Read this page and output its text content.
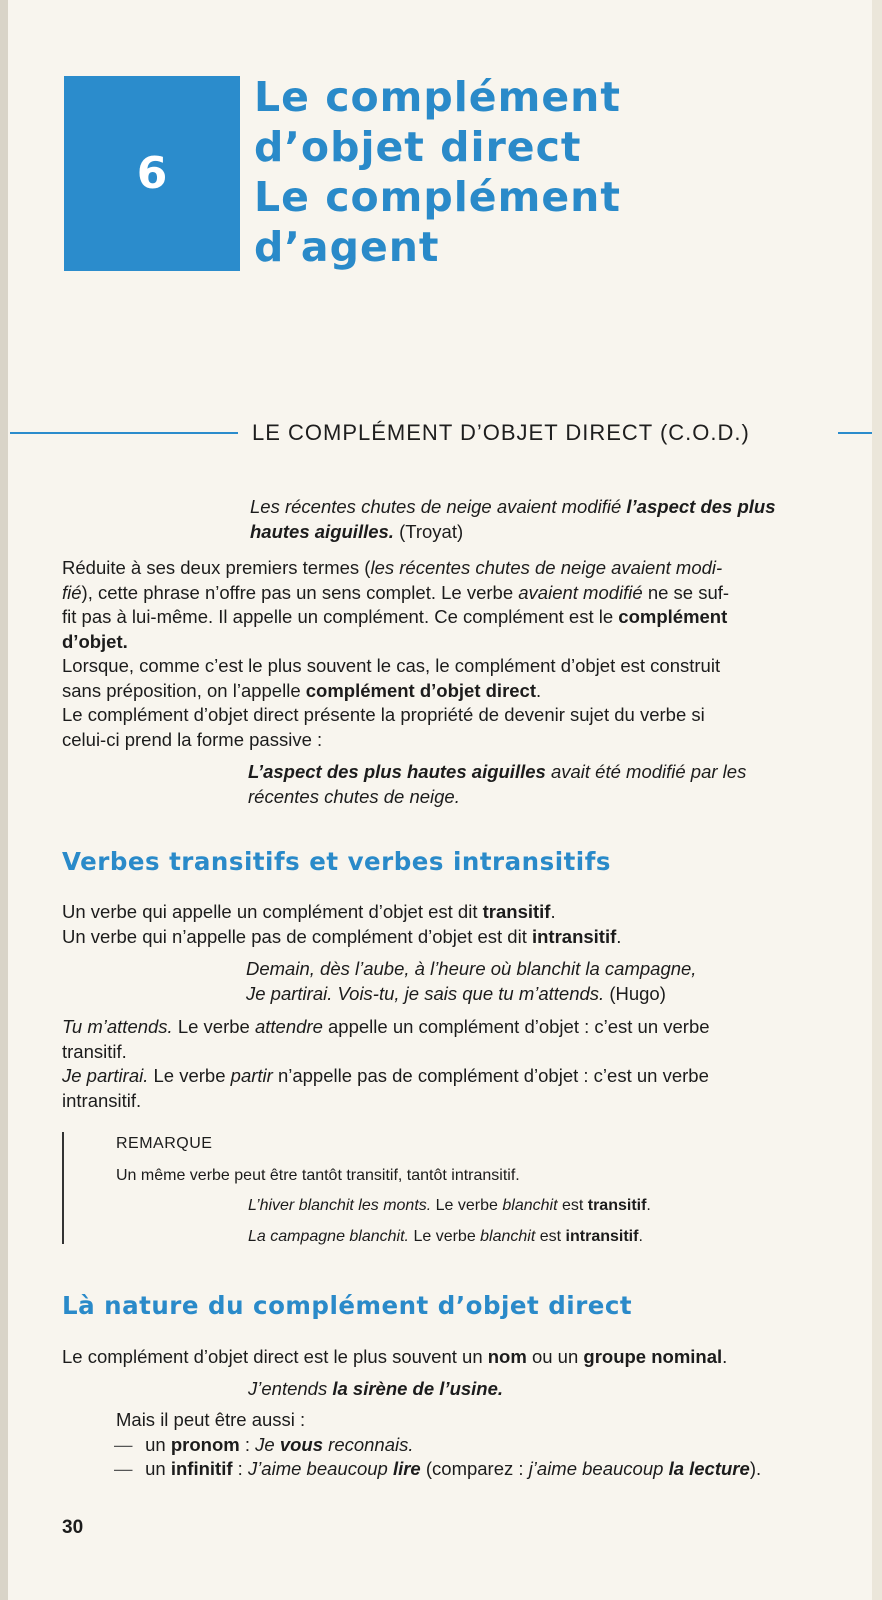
6
Le complément
d’objet direct
Le complément
d’agent
LE COMPLÉMENT D’OBJET DIRECT (C.O.D.)
Les récentes chutes de neige avaient modifié l’aspect des plus
hautes aiguilles. (Troyat)
Réduite à ses deux premiers termes (les récentes chutes de neige avaient modi-
fié), cette phrase n’offre pas un sens complet. Le verbe avaient modifié ne se suf-
fit pas à lui-même. Il appelle un complément. Ce complément est le complément
d’objet.
Lorsque, comme c’est le plus souvent le cas, le complément d’objet est construit
sans préposition, on l’appelle complément d’objet direct.
Le complément d’objet direct présente la propriété de devenir sujet du verbe si
celui-ci prend la forme passive :
L’aspect des plus hautes aiguilles avait été modifié par les
récentes chutes de neige.
Verbes transitifs et verbes intransitifs
Un verbe qui appelle un complément d’objet est dit transitif.
Un verbe qui n’appelle pas de complément d’objet est dit intransitif.
Demain, dès l’aube, à l’heure où blanchit la campagne,
Je partirai. Vois-tu, je sais que tu m’attends. (Hugo)
Tu m’attends. Le verbe attendre appelle un complément d’objet : c’est un verbe
transitif.
Je partirai. Le verbe partir n’appelle pas de complément d’objet : c’est un verbe
intransitif.
REMARQUE
Un même verbe peut être tantôt transitif, tantôt intransitif.
L’hiver blanchit les monts. Le verbe blanchit est transitif.
La campagne blanchit. Le verbe blanchit est intransitif.
Là nature du complément d’objet direct
Le complément d’objet direct est le plus souvent un nom ou un groupe nominal.
J’entends la sirène de l’usine.
Mais il peut être aussi :
— un pronom : Je vous reconnais.
— un infinitif : J’aime beaucoup lire (comparez : j’aime beaucoup la lecture).
30
